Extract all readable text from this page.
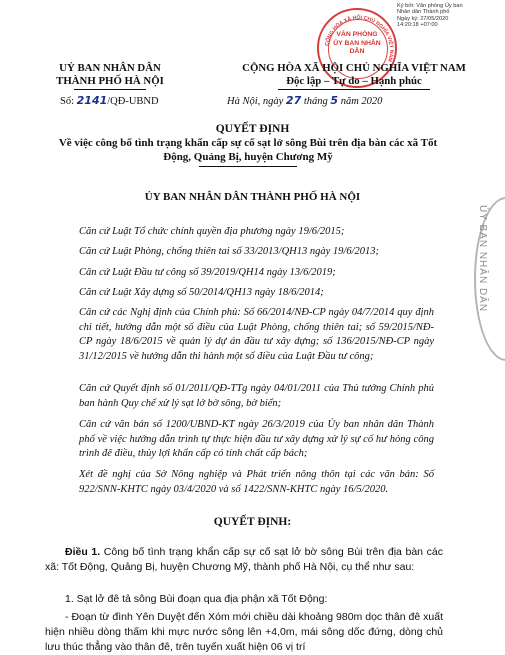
Ký bởi: Văn phòng Ủy ban
Nhân dân Thành phố
Ngày ký: 27/05/2020
14:20:18 +07:00
CỘNG HÒA XÃ HỘI CHỦ NGHĨA VIỆT NAM
VĂN PHÒNG ỦY BAN NHÂN DÂN
ỦY BAN NHÂN DÂN
UỶ BAN NHÂN DÂN
THÀNH PHỐ HÀ NỘI
CỘNG HÒA XÃ HỘI CHỦ NGHĨA VIỆT NAM
Độc lập – Tự do – Hạnh phúc
Số: 2141/QĐ-UBND	Hà Nội, ngày 27 tháng 5 năm 2020
QUYẾT ĐỊNH
Về việc công bố tình trạng khẩn cấp sự cố sạt lở sông Bùi trên địa bàn các xã Tốt Động, Quảng Bị, huyện Chương Mỹ
ỦY BAN NHÂN DÂN THÀNH PHỐ HÀ NỘI
Căn cứ Luật Tổ chức chính quyền địa phương ngày 19/6/2015;
Căn cứ Luật Phòng, chống thiên tai số 33/2013/QH13 ngày 19/6/2013;
Căn cứ Luật Đầu tư công số 39/2019/QH14 ngày 13/6/2019;
Căn cứ Luật Xây dựng số 50/2014/QH13 ngày 18/6/2014;
Căn cứ các Nghị định của Chính phủ: Số 66/2014/NĐ-CP ngày 04/7/2014 quy định chi tiết, hướng dẫn một số điều của Luật Phòng, chống thiên tai; số 59/2015/NĐ-CP ngày 18/6/2015 về quản lý dự án đầu tư xây dựng; số 136/2015/NĐ-CP ngày 31/12/2015 về hướng dẫn thi hành một số điều của Luật Đầu tư công;
Căn cứ Quyết định số 01/2011/QĐ-TTg ngày 04/01/2011 của Thủ tướng Chính phủ ban hành Quy chế xử lý sạt lở bờ sông, bờ biển;
Căn cứ văn bản số 1200/UBND-KT ngày 26/3/2019 của Ủy ban nhân dân Thành phố về việc hướng dẫn trình tự thực hiện đầu tư xây dựng xử lý sự cố hư hỏng công trình đê điều, thủy lợi khẩn cấp có tính chất cấp bách;
Xét đề nghị của Sở Nông nghiệp và Phát triển nông thôn tại các văn bản: Số 922/SNN-KHTC ngày 03/4/2020 và số 1422/SNN-KHTC ngày 16/5/2020.
QUYẾT ĐỊNH:
Điều 1. Công bố tình trạng khẩn cấp sự cố sạt lở bờ sông Bùi trên địa bàn các xã: Tốt Động, Quảng Bị, huyện Chương Mỹ, thành phố Hà Nội, cụ thể như sau:
1. Sạt lở đê tả sông Bùi đoạn qua địa phận xã Tốt Động:
- Đoạn từ đình Yên Duyệt đến Xóm mới chiều dài khoảng 980m dọc thân đê xuất hiện nhiều dòng thấm khi mực nước sông lên +4,0m, mái sông dốc đứng, dòng chủ lưu thúc thẳng vào thân đê, trên tuyến xuất hiện 06 vị trí
